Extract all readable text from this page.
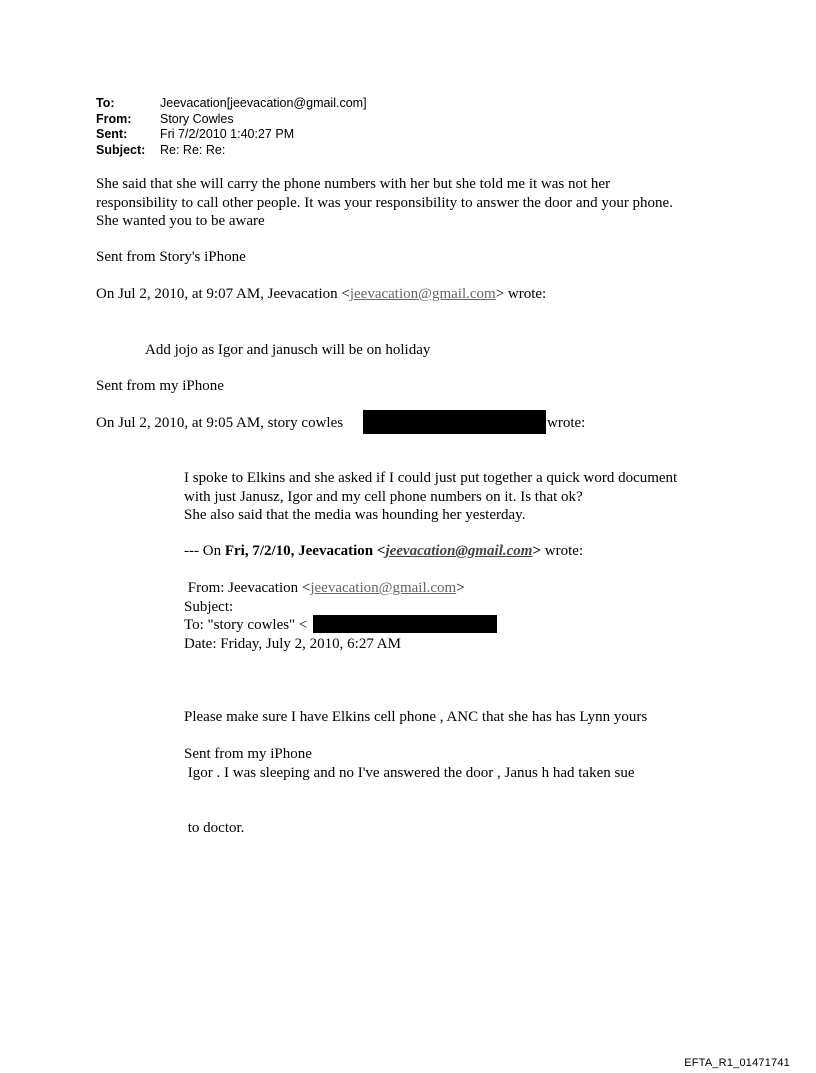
To:	Jeevacation[jeevacation@gmail.com]
From:	Story Cowles
Sent:	Fri 7/2/2010 1:40:27 PM
Subject:	Re: Re: Re:
She said that she will carry the phone numbers with her but she told me it was not her
responsibility to call other people. It was your responsibility to answer the door and your phone.
She wanted you to be aware
Sent from Story's iPhone
On Jul 2, 2010, at 9:07 AM, Jeevacation <jeevacation@gmail.com> wrote:
Add jojo as Igor and janusch will be on holiday
Sent from my iPhone
On Jul 2, 2010, at 9:05 AM, story cowles	wrote:
I spoke to Elkins and she asked if I could just put together a quick word document
with just Janusz, Igor and my cell phone numbers on it. Is that ok?
She also said that the media was hounding her yesterday.
--- On Fri, 7/2/10, Jeevacation <jeevacation@gmail.com> wrote:
From: Jeevacation <jeevacation@gmail.com>
Subject:
To: "story cowles" <
Date: Friday, July 2, 2010, 6:27 AM

Please make sure I have Elkins cell phone , ANC that she has has Lynn yours

Igor . I was sleeping and no I've answered the door , Janus h had taken sue

to doctor.

Sent from my iPhone
EFTA_R1_01471741
